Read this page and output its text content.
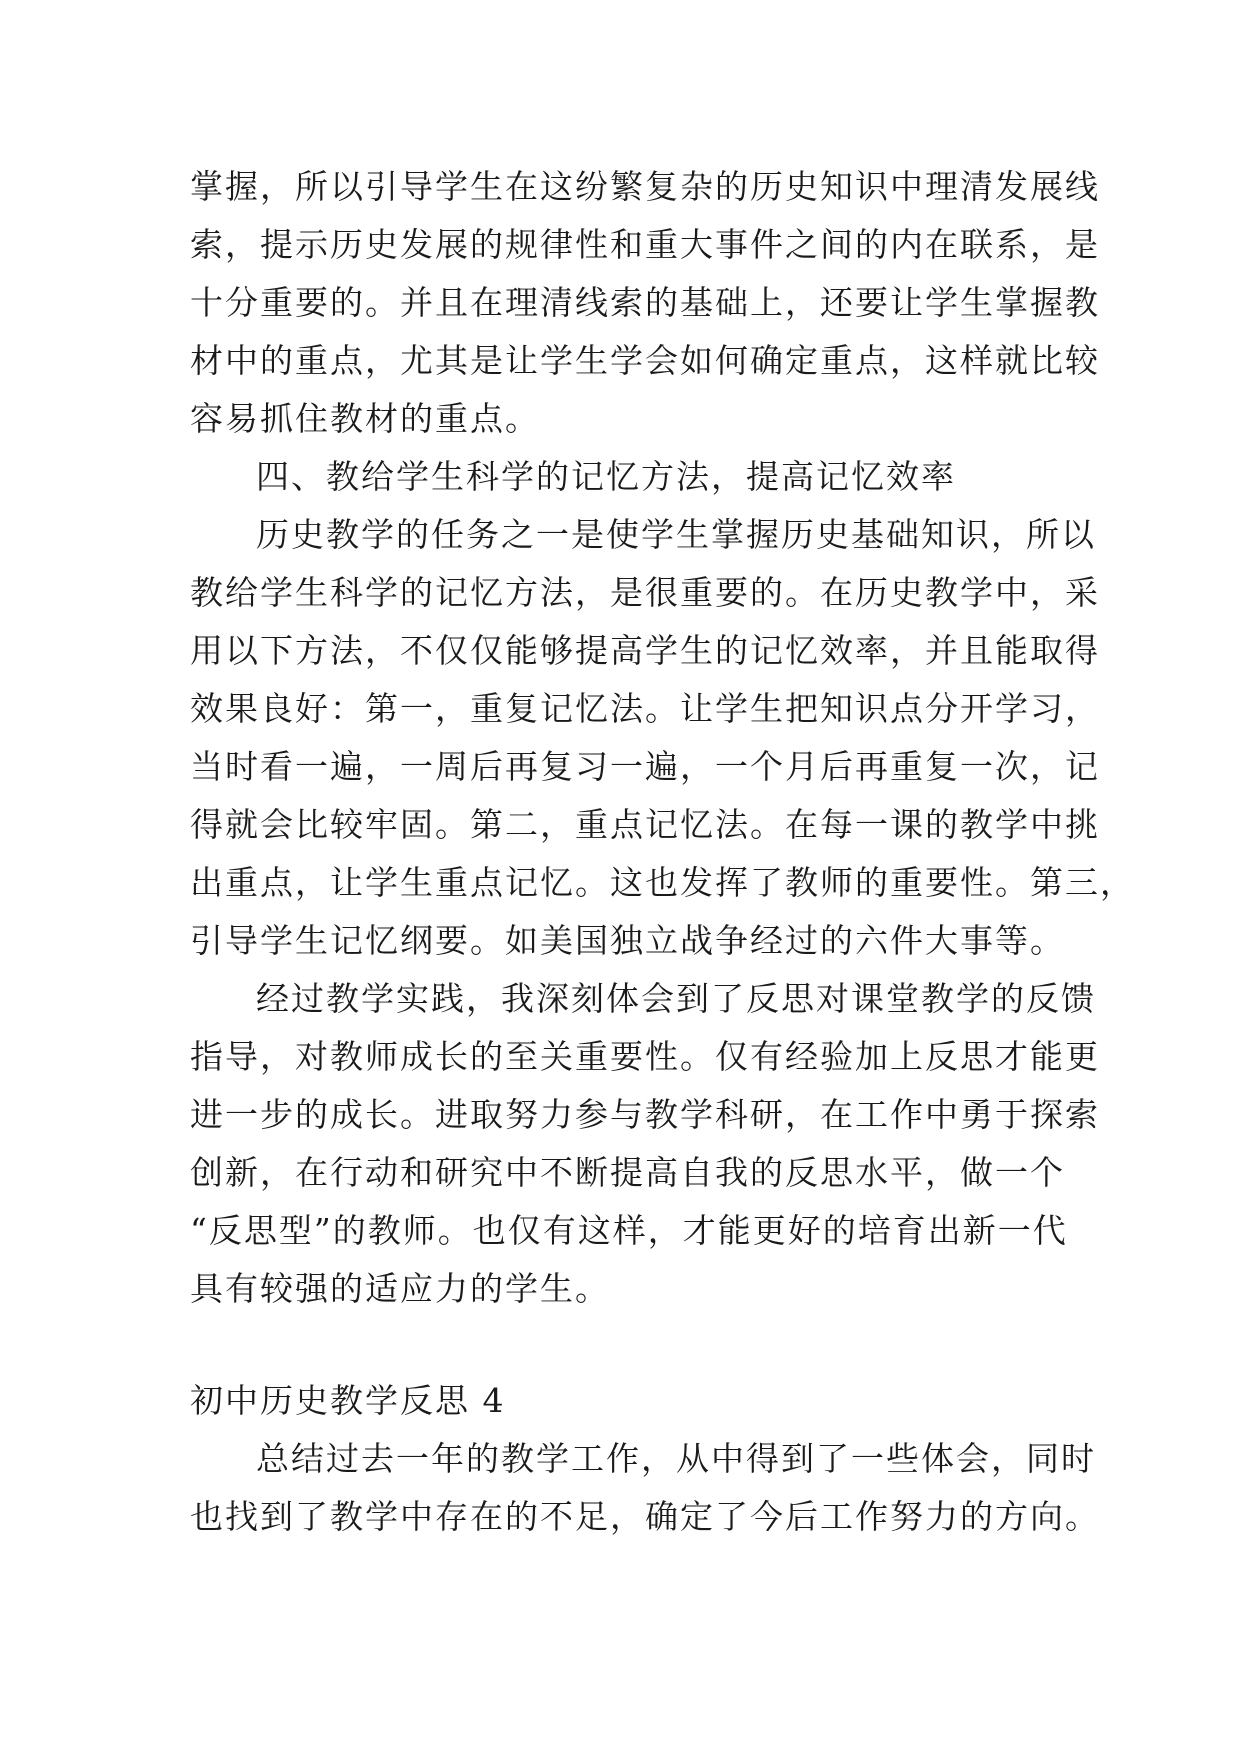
掌握，所以引导学生在这纷繁复杂的历史知识中理清发展线
索，提示历史发展的规律性和重大事件之间的内在联系，是
十分重要的。并且在理清线索的基础上，还要让学生掌握教
材中的重点，尤其是让学生学会如何确定重点，这样就比较
容易抓住教材的重点。
四、教给学生科学的记忆方法，提高记忆效率
历史教学的任务之一是使学生掌握历史基础知识，所以
教给学生科学的记忆方法，是很重要的。在历史教学中，采
用以下方法，不仅仅能够提高学生的记忆效率，并且能取得
效果良好：第一，重复记忆法。让学生把知识点分开学习，
当时看一遍，一周后再复习一遍，一个月后再重复一次，记
得就会比较牢固。第二，重点记忆法。在每一课的教学中挑
出重点，让学生重点记忆。这也发挥了教师的重要性。第三，
引导学生记忆纲要。如美国独立战争经过的六件大事等。
经过教学实践，我深刻体会到了反思对课堂教学的反馈
指导，对教师成长的至关重要性。仅有经验加上反思才能更
进一步的成长。进取努力参与教学科研，在工作中勇于探索
创新，在行动和研究中不断提高自我的反思水平，做一个
“反思型”的教师。也仅有这样，才能更好的培育出新一代
具有较强的适应力的学生。
初中历史教学反思 4
总结过去一年的教学工作，从中得到了一些体会，同时
也找到了教学中存在的不足，确定了今后工作努力的方向。
